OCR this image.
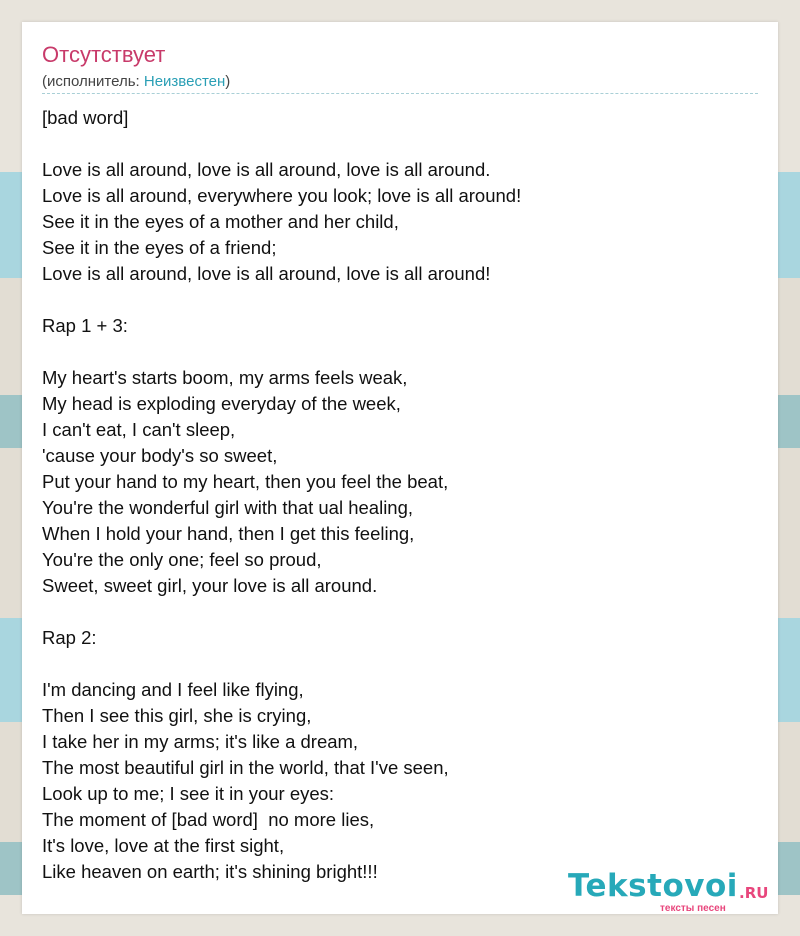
Отсутствует
(исполнитель: Неизвестен)
[bad word]
Love is all around, love is all around, love is all around.
Love is all around, everywhere you look; love is all around!
See it in the eyes of a mother and her child,
See it in the eyes of a friend;
Love is all around, love is all around, love is all around!
Rap 1 + 3:
My heart's starts boom, my arms feels weak,
My head is exploding everyday of the week,
I can't eat, I can't sleep,
'cause your body's so sweet,
Put your hand to my heart, then you feel the beat,
You're the wonderful girl with that ual healing,
When I hold your hand, then I get this feeling,
You're the only one; feel so proud,
Sweet, sweet girl, your love is all around.
Rap 2:
I'm dancing and I feel like flying,
Then I see this girl, she is crying,
I take her in my arms; it's like a dream,
The most beautiful girl in the world, that I've seen,
Look up to me; I see it in your eyes:
The moment of [bad word]  no more lies,
It's love, love at the first sight,
Like heaven on earth; it's shining bright!!!	Tekstovoi .RU
тексты песен
